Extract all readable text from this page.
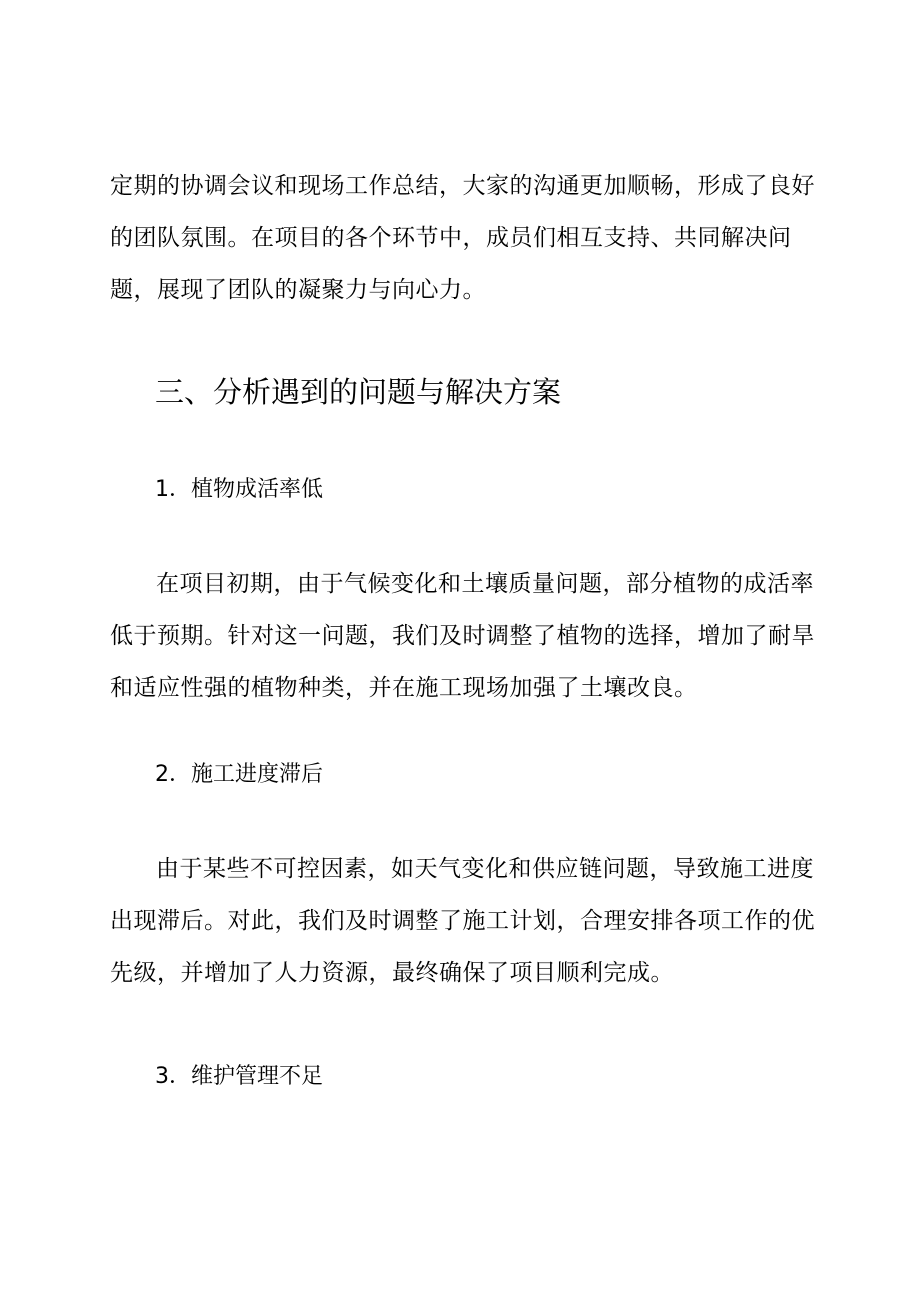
定期的协调会议和现场工作总结，大家的沟通更加顺畅，形成了良好的团队氛围。在项目的各个环节中，成员们相互支持、共同解决问题，展现了团队的凝聚力与向心力。

三、分析遇到的问题与解决方案
1．植物成活率低

在项目初期，由于气候变化和土壤质量问题，部分植物的成活率低于预期。针对这一问题，我们及时调整了植物的选择，增加了耐旱和适应性强的植物种类，并在施工现场加强了土壤改良。

2．施工进度滞后

由于某些不可控因素，如天气变化和供应链问题，导致施工进度出现滞后。对此，我们及时调整了施工计划，合理安排各项工作的优先级，并增加了人力资源，最终确保了项目顺利完成。

3．维护管理不足
